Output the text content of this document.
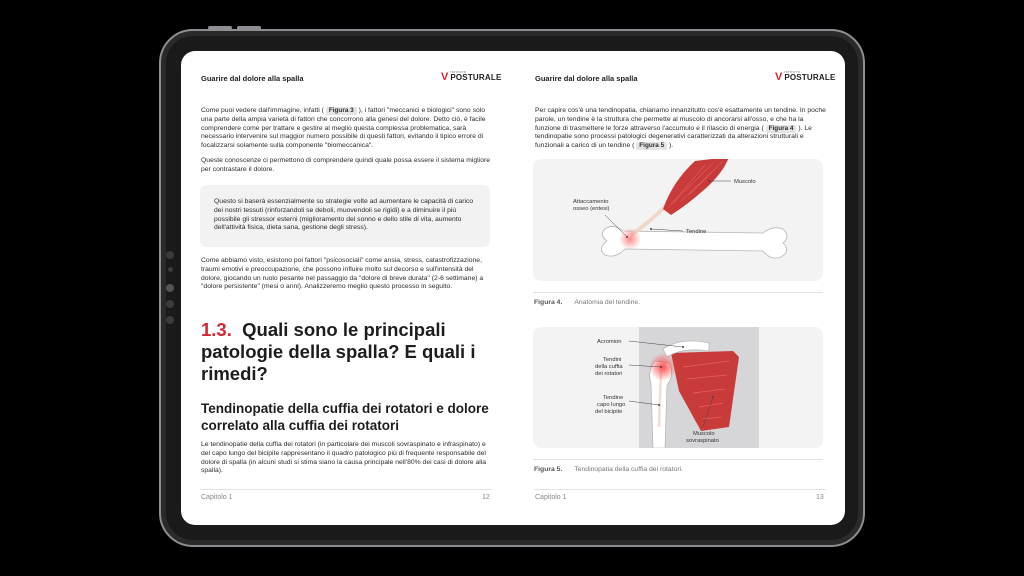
Guarire dal dolore alla spalla	V ISTITUTO
POSTURALE
Come puoi vedere dall'immagine, infatti ( Figura 3 ), i fattori "meccanici e biologici" sono solo una parte della ampia varietà di fattori che concorrono alla genesi del dolore. Detto ciò, è facile comprendere come per trattare e gestire al meglio questa complessa problematica, sarà necessario intervenire sul maggior numero possibile di questi fattori, evitando il tipico errore di focalizzarsi solamente sulla componente "biomeccanica".
Queste conoscenze ci permettono di comprendere quindi quale possa essere il sistema migliore per contrastare il dolore.
Questo si baserà essenzialmente su strategie volte ad aumentare le capacità di carico dei nostri tessuti (rinforzandoli se deboli, muovendoli se rigidi) e a diminuire il più possibile gli stressor esterni (miglioramento del sonno e dello stile di vita, aumento dell'attività fisica, dieta sana, gestione degli stress).
Come abbiamo visto, esistono poi fattori "psicosociali" come ansia, stress, catastrofizzazione, traumi emotivi e preoccupazione, che possono influire molto sul decorso e sull'intensità del dolore, giocando un ruolo pesante nel passaggio da "dolore di breve durata" (2-6 settimane) a "dolore persistente" (mesi o anni). Analizzeremo meglio questo processo in seguito.
1.3. Quali sono le principali patologie della spalla? E quali i rimedi?
Tendinopatie della cuffia dei rotatori e dolore correlato alla cuffia dei rotatori
Le tendinopatie della cuffia dei rotatori (in particolare dei muscoli sovraspinato e infraspinato) e del capo lungo del bicipite rappresentano il quadro patologico più di frequente responsabile del dolore di spalla (in alcuni studi si stima siano la causa principale nell'80% dei casi di dolore alla spalla).
Capitolo 1	12
Guarire dal dolore alla spalla	V ISTITUTO
POSTURALE
Per capire cos'è una tendinopatia, chiariamo innanzitutto cos'è esattamente un tendine. In poche parole, un tendine è la struttura che permette al muscolo di ancorarsi all'osso, e che ha la funzione di trasmettere le forze attraverso l'accumulo e il rilascio di energia ( Figura 4 ). Le tendinopatie sono processi patologici degenerativi caratterizzati da alterazioni strutturali e funzionali a carico di un tendine ( Figura 5 ).
Muscolo
Attaccamento
osseo (entesi)
Tendine
Figura 4. Anatomia del tendine.
Acromion
Tendini
della cuffia
dei rotatori
Tendine
capo lungo
del bicipite
Muscolo
sovraspinato
Figura 5. Tendinopatia della cuffia dei rotatori.
Capitolo 1	13
